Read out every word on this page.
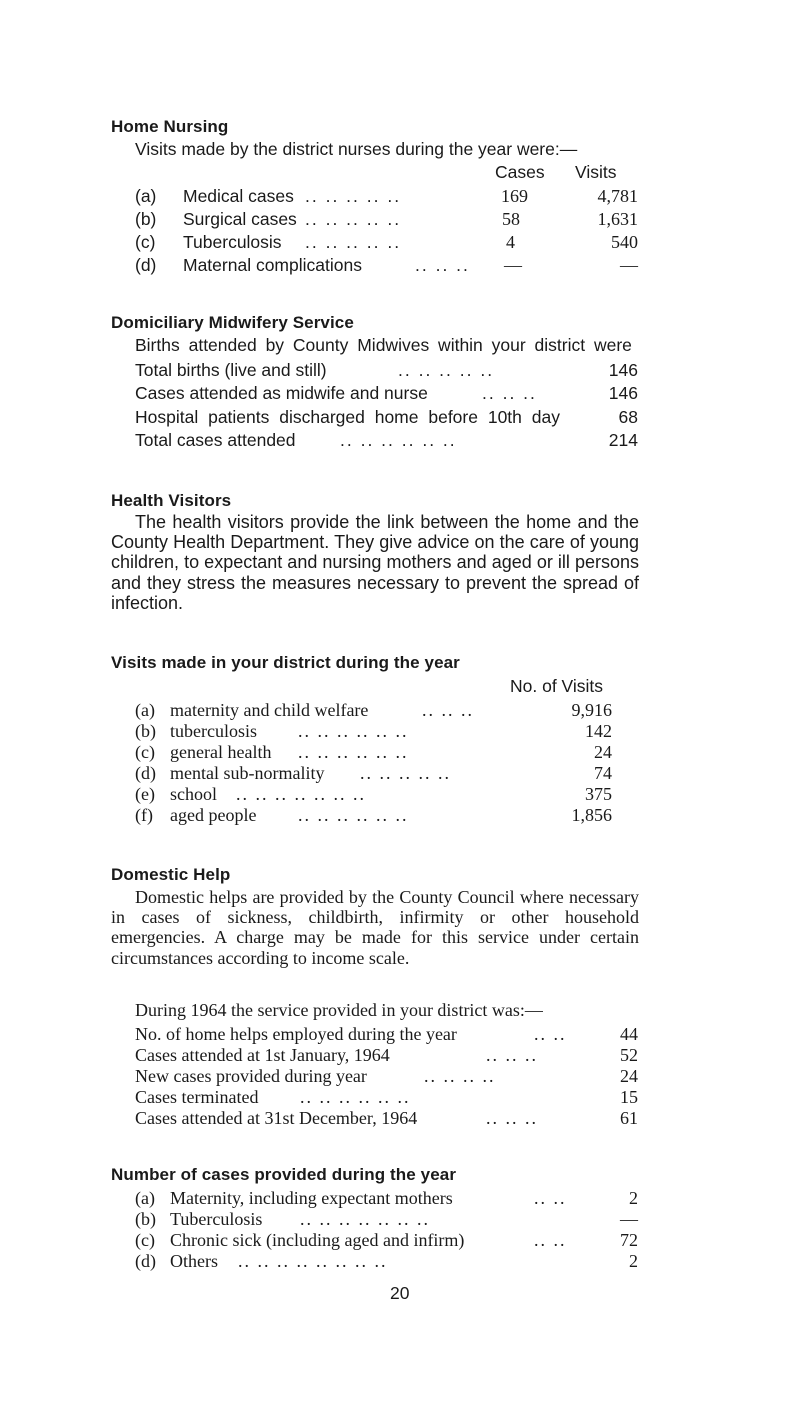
Home Nursing
Visits made by the district nurses during the year were:—
Cases Visits
(a) Medical cases .. .. .. .. ..	169	4,781
(b) Surgical cases .. .. .. .. ..	58	1,631
(c) Tuberculosis .. .. .. .. ..	4	540
(d) Maternal complications	.. .. ..	—	—
Domiciliary Midwifery Service
Births attended by County Midwives within your district were
Total births (live and still)	.. .. .. .. ..	146
Cases attended as midwife and nurse	.. .. ..	146
Hospital patients discharged home before 10th day	68
Total cases attended	.. .. .. .. .. ..	214
Health Visitors
The health visitors provide the link between the home and the County Health Department. They give advice on the care of young children, to expectant and nursing mothers and aged or ill persons and they stress the measures necessary to prevent the spread of infection.
Visits made in your district during the year
No. of Visits
(a) maternity and child welfare	.. .. ..	9,916
(b) tuberculosis .. .. .. .. .. ..	142
(c) general health .. .. .. .. .. ..	24
(d) mental sub-normality .. .. .. .. ..	74
(e) school .. .. .. .. .. .. ..	375
(f) aged people .. .. .. .. .. ..	1,856
Domestic Help
Domestic helps are provided by the County Council where necessary in cases of sickness, childbirth, infirmity or other household emergencies. A charge may be made for this service under certain circumstances according to income scale.
During 1964 the service provided in your district was:—
No. of home helps employed during the year	.. ..	44
Cases attended at 1st January, 1964	.. .. ..	52
New cases provided during year	.. .. .. ..	24
Cases terminated .. .. .. .. .. ..	15
Cases attended at 31st December, 1964	.. .. ..	61
Number of cases provided during the year
(a) Maternity, including expectant mothers	.. ..	2
(b) Tuberculosis .. .. .. .. .. .. ..	—
(c) Chronic sick (including aged and infirm)	.. ..	72
(d) Others .. .. .. .. .. .. .. ..	2
20
